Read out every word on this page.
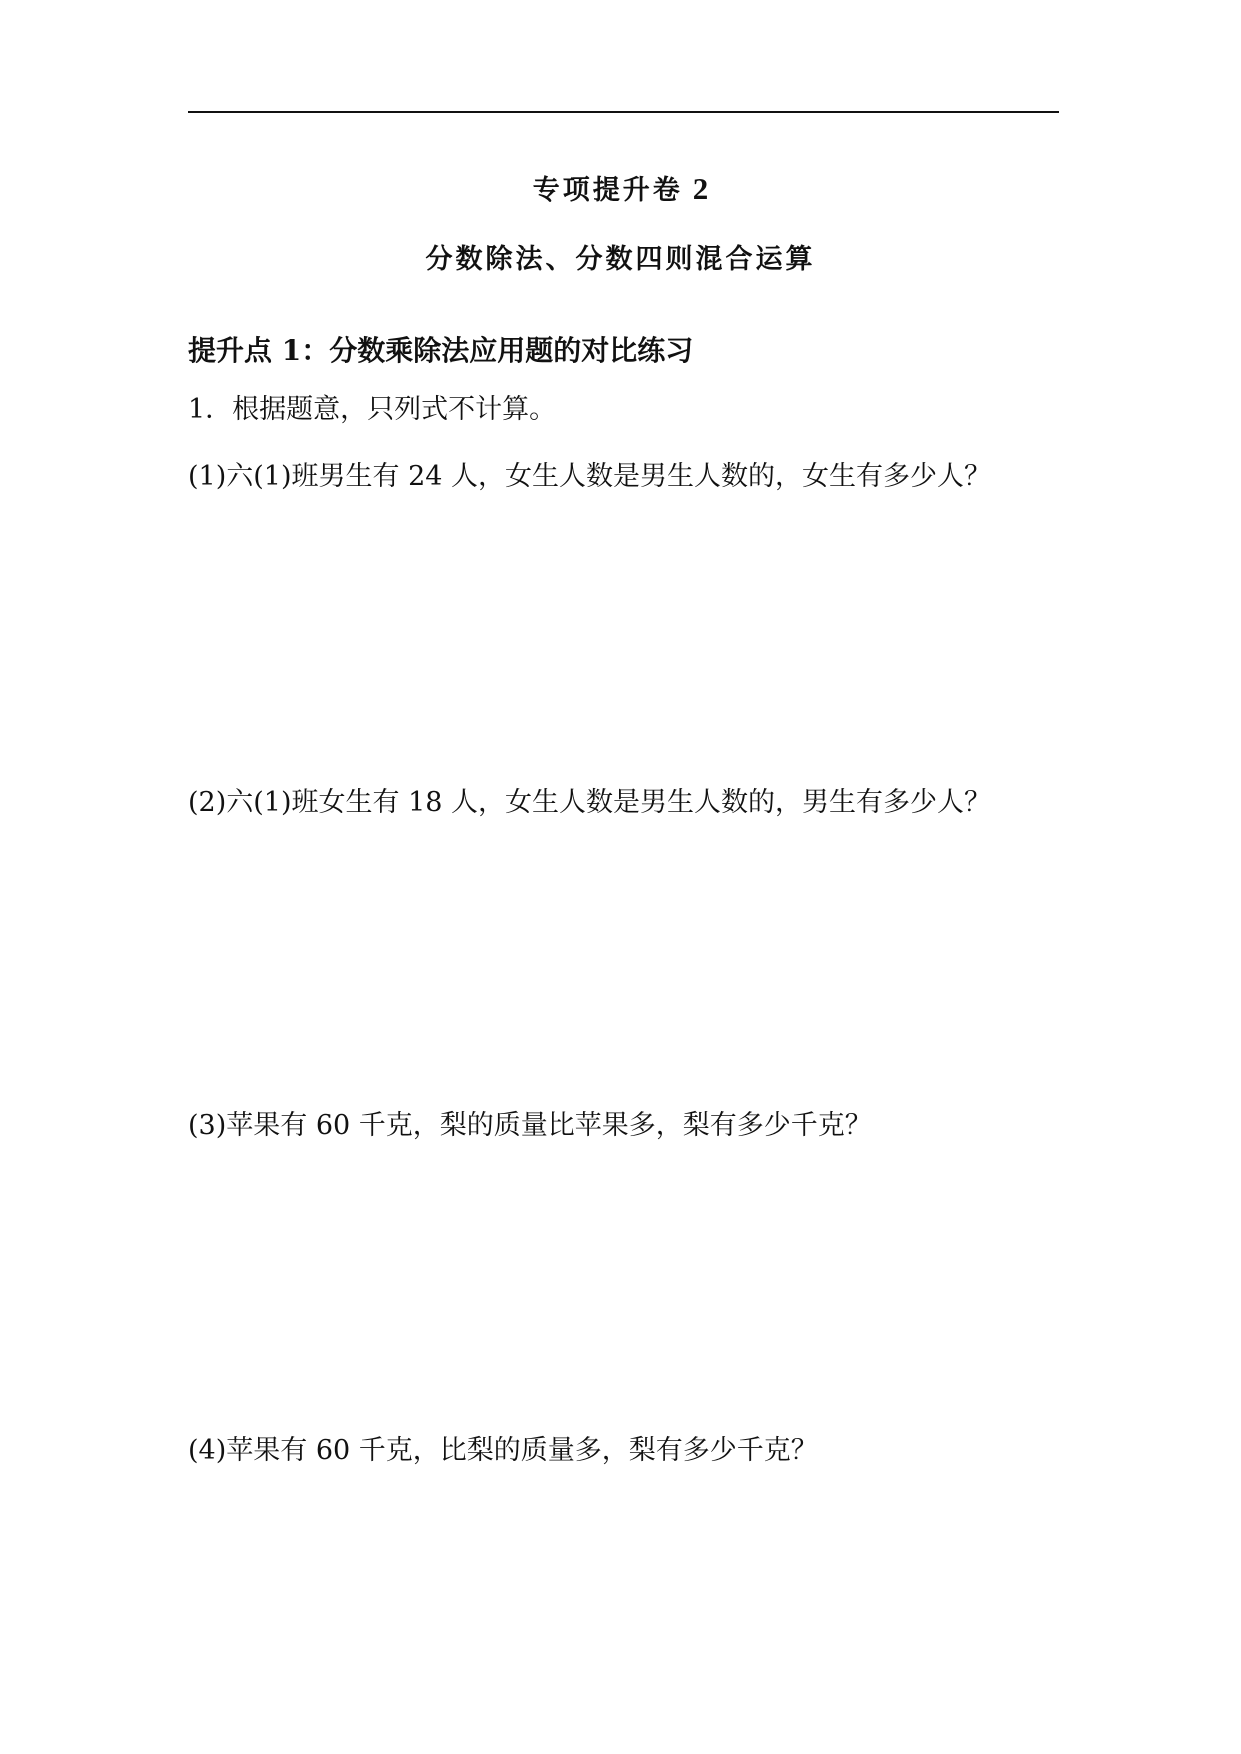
专项提升卷 2
分数除法、分数四则混合运算
提升点 1：分数乘除法应用题的对比练习
1．根据题意，只列式不计算。
(1)六(1)班男生有 24 人，女生人数是男生人数的，女生有多少人？
(2)六(1)班女生有 18 人，女生人数是男生人数的，男生有多少人？
(3)苹果有 60 千克，梨的质量比苹果多，梨有多少千克？
(4)苹果有 60 千克，比梨的质量多，梨有多少千克？
